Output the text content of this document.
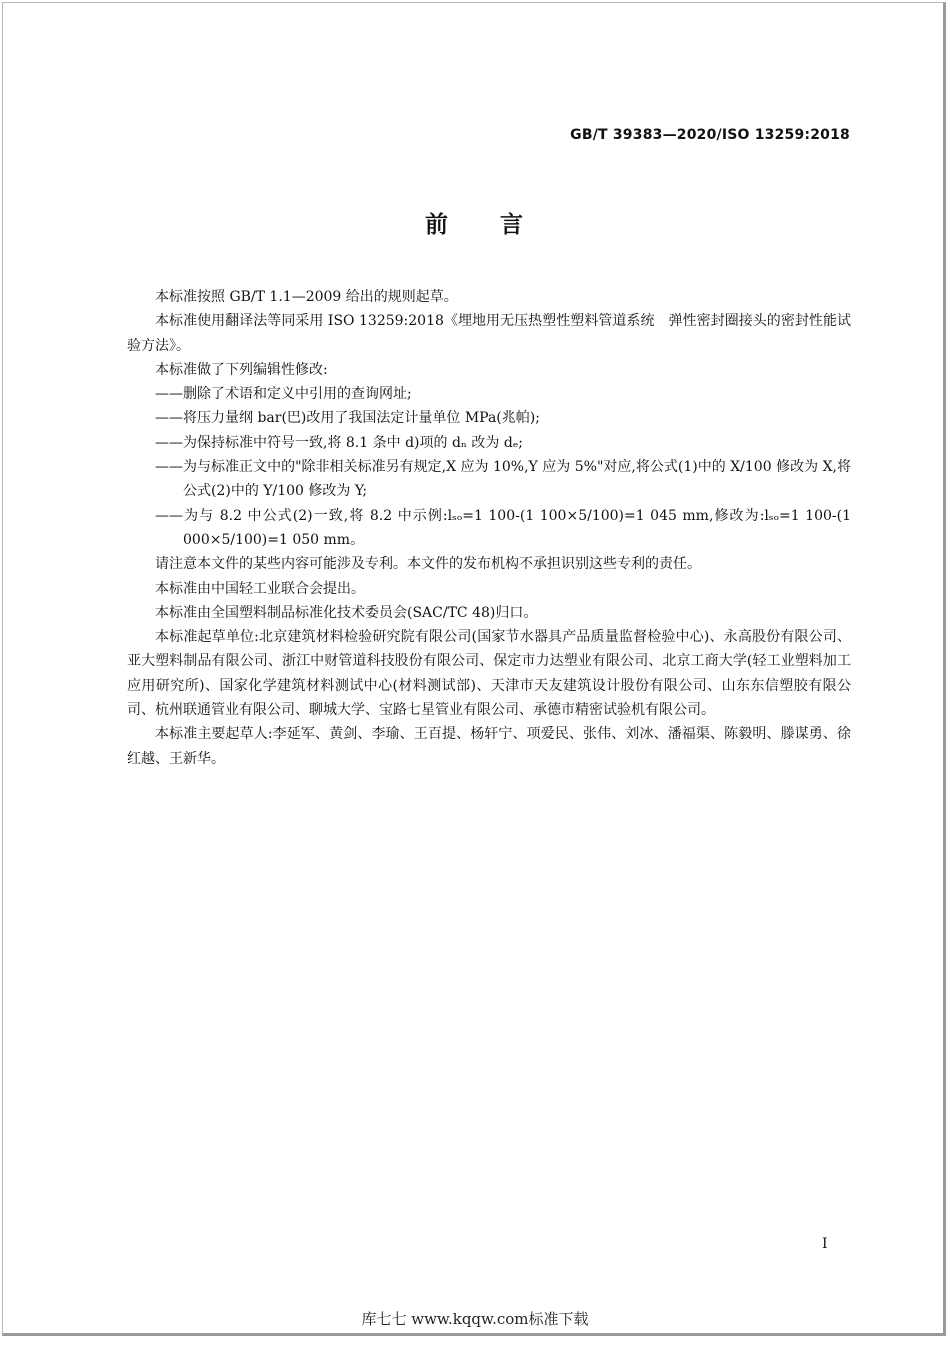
GB/T 39383—2020/ISO 13259:2018
前 言

本标准按照 GB/T 1.1—2009 给出的规则起草。

本标准使用翻译法等同采用 ISO 13259:2018《埋地用无压热塑性塑料管道系统　弹性密封圈接头的密封性能试验方法》。

本标准做了下列编辑性修改:

——删除了术语和定义中引用的查询网址;

——将压力量纲 bar(巴)改用了我国法定计量单位 MPa(兆帕);

——为保持标准中符号一致,将 8.1 条中 d)项的 dₙ 改为 dₑ;

——为与标准正文中的"除非相关标准另有规定,X 应为 10%,Y 应为 5%"对应,将公式(1)中的 X/100 修改为 X,将公式(2)中的 Y/100 修改为 Y;

——为与 8.2 中公式(2)一致,将 8.2 中示例:lₛₒ=1 100-(1 100×5/100)=1 045 mm,修改为:lₛₒ=1 100-(1 000×5/100)=1 050 mm。

请注意本文件的某些内容可能涉及专利。本文件的发布机构不承担识别这些专利的责任。

本标准由中国轻工业联合会提出。

本标准由全国塑料制品标准化技术委员会(SAC/TC 48)归口。

本标准起草单位:北京建筑材料检验研究院有限公司(国家节水器具产品质量监督检验中心)、永高股份有限公司、亚大塑料制品有限公司、浙江中财管道科技股份有限公司、保定市力达塑业有限公司、北京工商大学(轻工业塑料加工应用研究所)、国家化学建筑材料测试中心(材料测试部)、天津市天友建筑设计股份有限公司、山东东信塑胶有限公司、杭州联通管业有限公司、聊城大学、宝路七星管业有限公司、承德市精密试验机有限公司。

本标准主要起草人:李延军、黄剑、李瑜、王百提、杨轩宁、项爱民、张伟、刘冰、潘福渠、陈毅明、滕谋勇、徐红越、王新华。

I
库七七 www.kqqw.com标准下载
